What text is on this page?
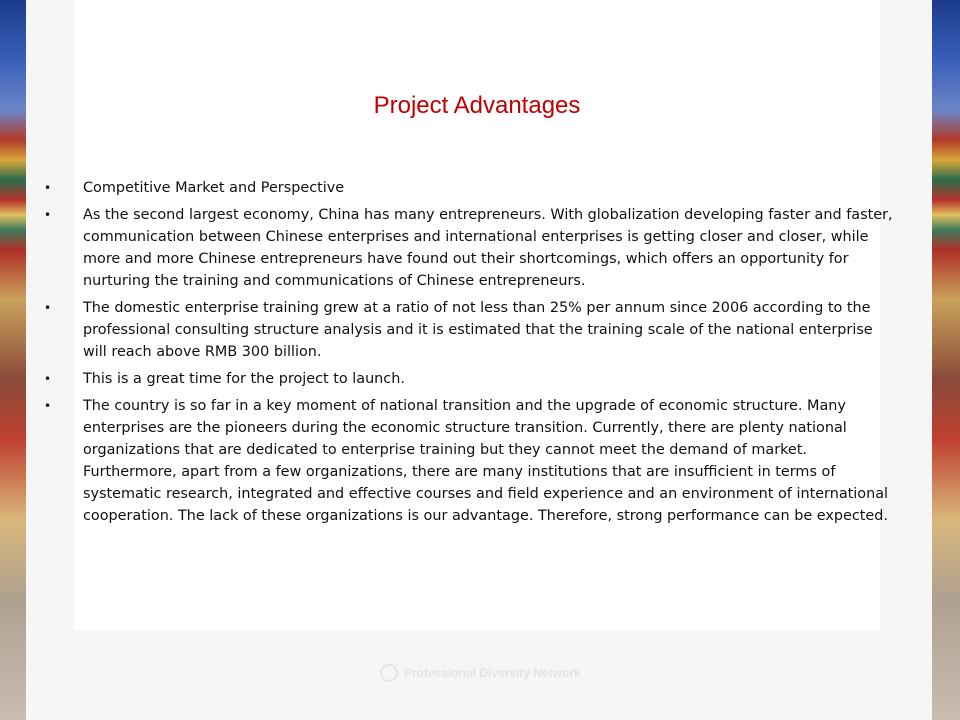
Project Advantages
•	Competitive Market and Perspective
•	As the second largest economy, China has many entrepreneurs. With globalization developing faster and faster, communication between Chinese enterprises and international enterprises is getting closer and closer, while more and more Chinese entrepreneurs have found out their shortcomings, which offers an opportunity for nurturing the training and communications of Chinese entrepreneurs.
•	The domestic enterprise training grew at a ratio of not less than 25% per annum since 2006 according to the professional consulting structure analysis and it is estimated that the training scale of the national enterprise will reach above RMB 300 billion.
•	This is a great time for the project to launch.
•	The country is so far in a key moment of national transition and the upgrade of economic structure. Many enterprises are the pioneers during the economic structure transition. Currently, there are plenty national organizations that are dedicated to enterprise training but they cannot meet the demand of market. Furthermore, apart from a few organizations, there are many institutions that are insufficient in terms of systematic research, integrated and effective courses and field experience and an environment of international cooperation. The lack of these organizations is our advantage. Therefore, strong performance can be expected.
Professional Diversity Network
